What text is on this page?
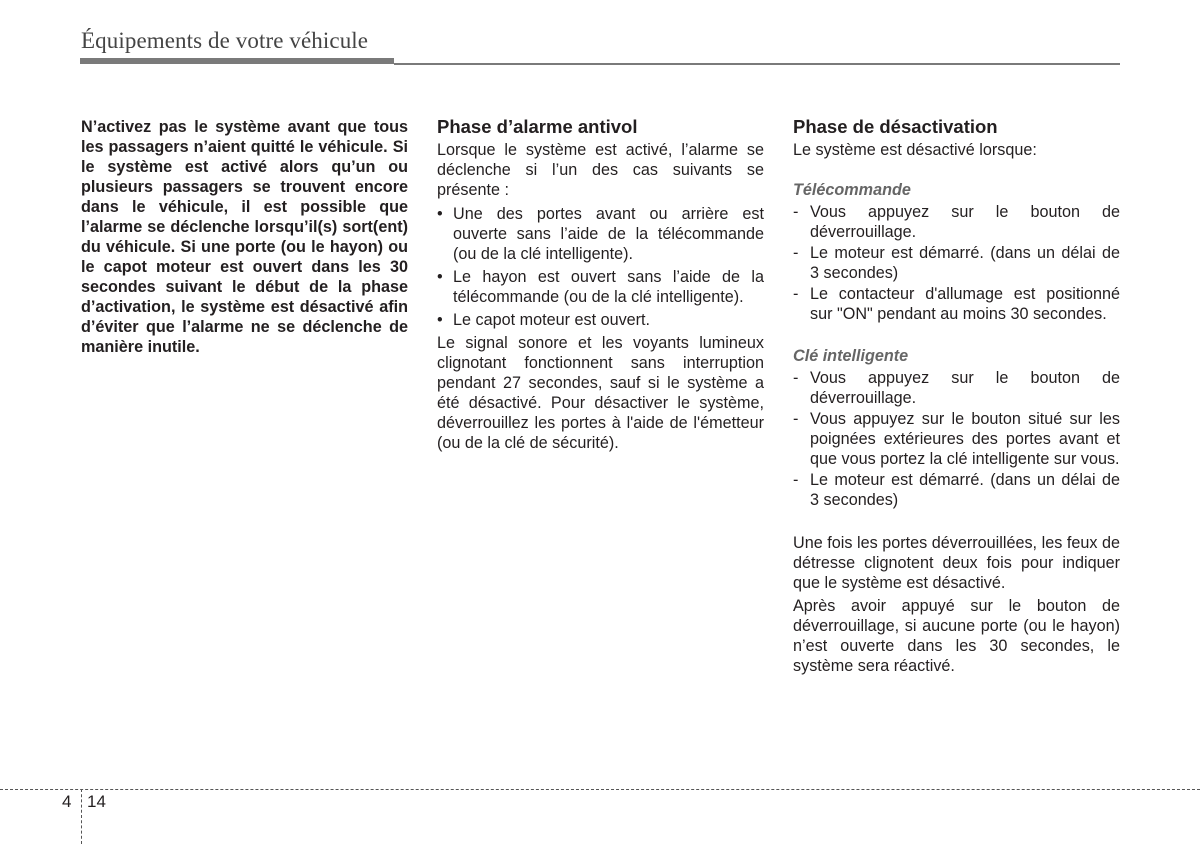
Équipements de votre véhicule

N’activez pas le système avant que tous les passagers n’aient quitté le véhicule. Si le système est activé alors qu’un ou plusieurs passagers se trouvent encore dans le véhicule, il est possible que l’alarme se déclenche lorsqu’il(s) sort(ent) du véhicule. Si une porte (ou le hayon) ou le capot moteur est ouvert dans les 30 secondes suivant le début de la phase d’activation, le système est désactivé afin d’éviter que l’alarme ne se déclenche de manière inutile.

Phase d’alarme antivol

Lorsque le système est activé, l’alarme se déclenche si l’un des cas suivants se présente :

• Une des portes avant ou arrière est ouverte sans l’aide de la télécommande (ou de la clé intelligente).
• Le hayon est ouvert sans l’aide de la télécommande (ou de la clé intelligente).
• Le capot moteur est ouvert.

Le signal sonore et les voyants lumineux clignotant fonctionnent sans interruption pendant 27 secondes, sauf si le système a été désactivé. Pour désactiver le système, déverrouillez les portes à l'aide de l'émetteur (ou de la clé de sécurité).

Phase de désactivation

Le système est désactivé lorsque:

Télécommande
- Vous appuyez sur le bouton de déverrouillage.
- Le moteur est démarré. (dans un délai de 3 secondes)
- Le contacteur d'allumage est positionné sur "ON" pendant au moins 30 secondes.
Clé intelligente
- Vous appuyez sur le bouton de déverrouillage.
- Vous appuyez sur le bouton situé sur les poignées extérieures des portes avant et que vous portez la clé intelligente sur vous.
- Le moteur est démarré. (dans un délai de 3 secondes)

Une fois les portes déverrouillées, les feux de détresse clignotent deux fois pour indiquer que le système est désactivé.

Après avoir appuyé sur le bouton de déverrouillage, si aucune porte (ou le hayon) n’est ouverte dans les 30 secondes, le système sera réactivé.

4 14
